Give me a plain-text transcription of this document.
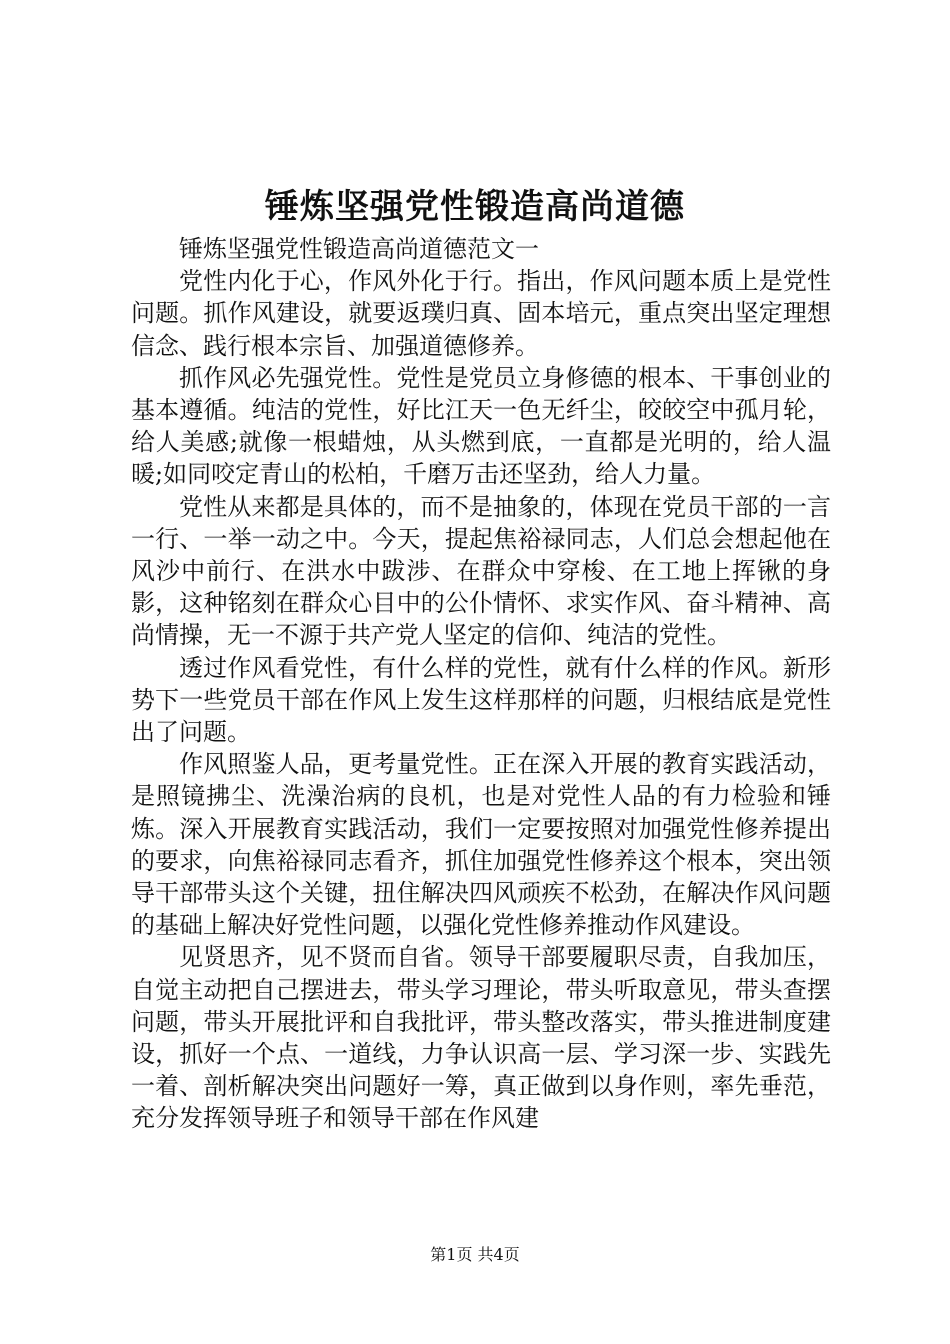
锤炼坚强党性锻造高尚道德

锤炼坚强党性锻造高尚道德范文一

党性内化于心，作风外化于行。指出，作风问题本质上是党性问题。抓作风建设，就要返璞归真、固本培元，重点突出坚定理想信念、践行根本宗旨、加强道德修养。

抓作风必先强党性。党性是党员立身修德的根本、干事创业的基本遵循。纯洁的党性，好比江天一色无纤尘，皎皎空中孤月轮，给人美感;就像一根蜡烛，从头燃到底，一直都是光明的，给人温暖;如同咬定青山的松柏，千磨万击还坚劲，给人力量。

党性从来都是具体的，而不是抽象的，体现在党员干部的一言一行、一举一动之中。今天，提起焦裕禄同志，人们总会想起他在风沙中前行、在洪水中跋涉、在群众中穿梭、在工地上挥锹的身影，这种铭刻在群众心目中的公仆情怀、求实作风、奋斗精神、高尚情操，无一不源于共产党人坚定的信仰、纯洁的党性。

透过作风看党性，有什么样的党性，就有什么样的作风。新形势下一些党员干部在作风上发生这样那样的问题，归根结底是党性出了问题。

作风照鉴人品，更考量党性。正在深入开展的教育实践活动，是照镜拂尘、洗澡治病的良机，也是对党性人品的有力检验和锤炼。深入开展教育实践活动，我们一定要按照对加强党性修养提出的要求，向焦裕禄同志看齐，抓住加强党性修养这个根本，突出领导干部带头这个关键，扭住解决四风顽疾不松劲，在解决作风问题的基础上解决好党性问题，以强化党性修养推动作风建设。

见贤思齐，见不贤而自省。领导干部要履职尽责，自我加压，自觉主动把自己摆进去，带头学习理论，带头听取意见，带头查摆问题，带头开展批评和自我批评，带头整改落实，带头推进制度建设，抓好一个点、一道线，力争认识高一层、学习深一步、实践先一着、剖析解决突出问题好一筹，真正做到以身作则，率先垂范，充分发挥领导班子和领导干部在作风建

第1页 共4页
